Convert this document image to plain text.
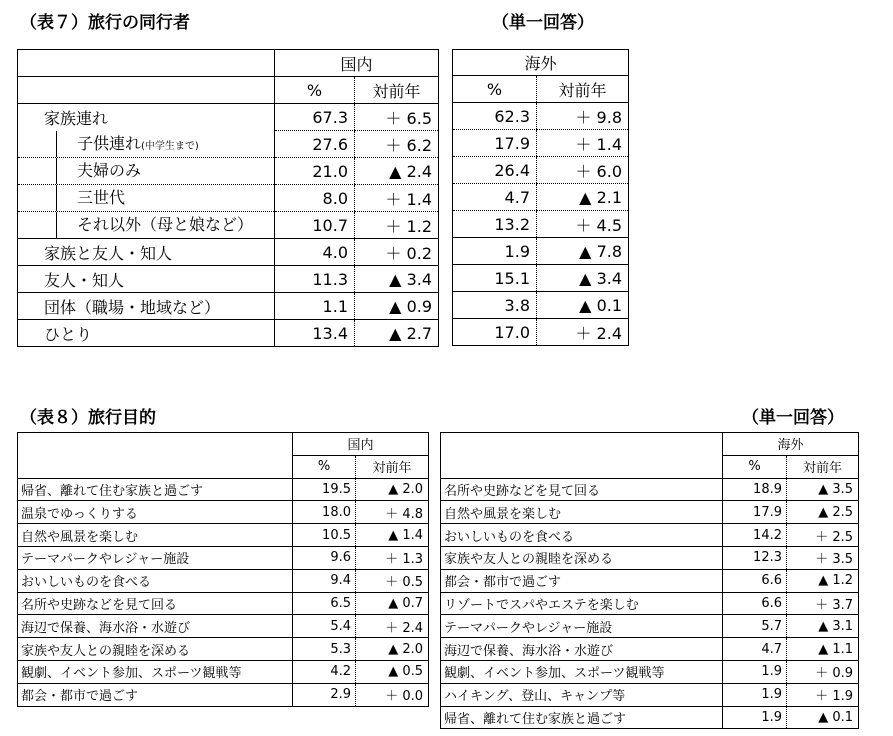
（表７）旅行の同行者	（単一回答）
	国内	
	%	対前年
家族連れ	67.3	＋ 6.5

子供連れ(中学生まで)	27.6	＋ 6.2

夫婦のみ	21.0	▲ 2.4

三世代	8.0	＋ 1.4

それ以外（母と娘など）	10.7	＋ 1.2
家族と友人・知人	4.0	＋ 0.2
友人・知人	11.3	▲ 3.4
団体（職場・地域など）	1.1	▲ 0.9
ひとり	13.4	▲ 2.7
海外	
%	対前年
62.3	＋ 9.8
17.9	＋ 1.4
26.4	＋ 6.0
4.7	▲ 2.1
13.2	＋ 4.5
1.9	▲ 7.8
15.1	▲ 3.4
3.8	▲ 0.1
17.0	＋ 2.4
（表８）旅行目的	（単一回答）
	国内	
	%	対前年
帰省、離れて住む家族と過ごす	19.5	▲ 2.0
温泉でゆっくりする	18.0	＋ 4.8
自然や風景を楽しむ	10.5	▲ 1.4
テーマパークやレジャー施設	9.6	＋ 1.3
おいしいものを食べる	9.4	＋ 0.5
名所や史跡などを見て回る	6.5	▲ 0.7
海辺で保養、海水浴・水遊び	5.4	＋ 2.4
家族や友人との親睦を深める	5.3	▲ 2.0
観劇、イベント参加、スポーツ観戦等	4.2	▲ 0.5
都会・都市で過ごす	2.9	＋ 0.0
	海外	
	%	対前年
名所や史跡などを見て回る	18.9	▲ 3.5
自然や風景を楽しむ	17.9	▲ 2.5
おいしいものを食べる	14.2	＋ 2.5
家族や友人との親睦を深める	12.3	＋ 3.5
都会・都市で過ごす	6.6	▲ 1.2
リゾートでスパやエステを楽しむ	6.6	＋ 3.7
テーマパークやレジャー施設	5.7	▲ 3.1
海辺で保養、海水浴・水遊び	4.7	▲ 1.1
観劇、イベント参加、スポーツ観戦等	1.9	＋ 0.9
ハイキング、登山、キャンプ等	1.9	＋ 1.9
帰省、離れて住む家族と過ごす	1.9	▲ 0.1
